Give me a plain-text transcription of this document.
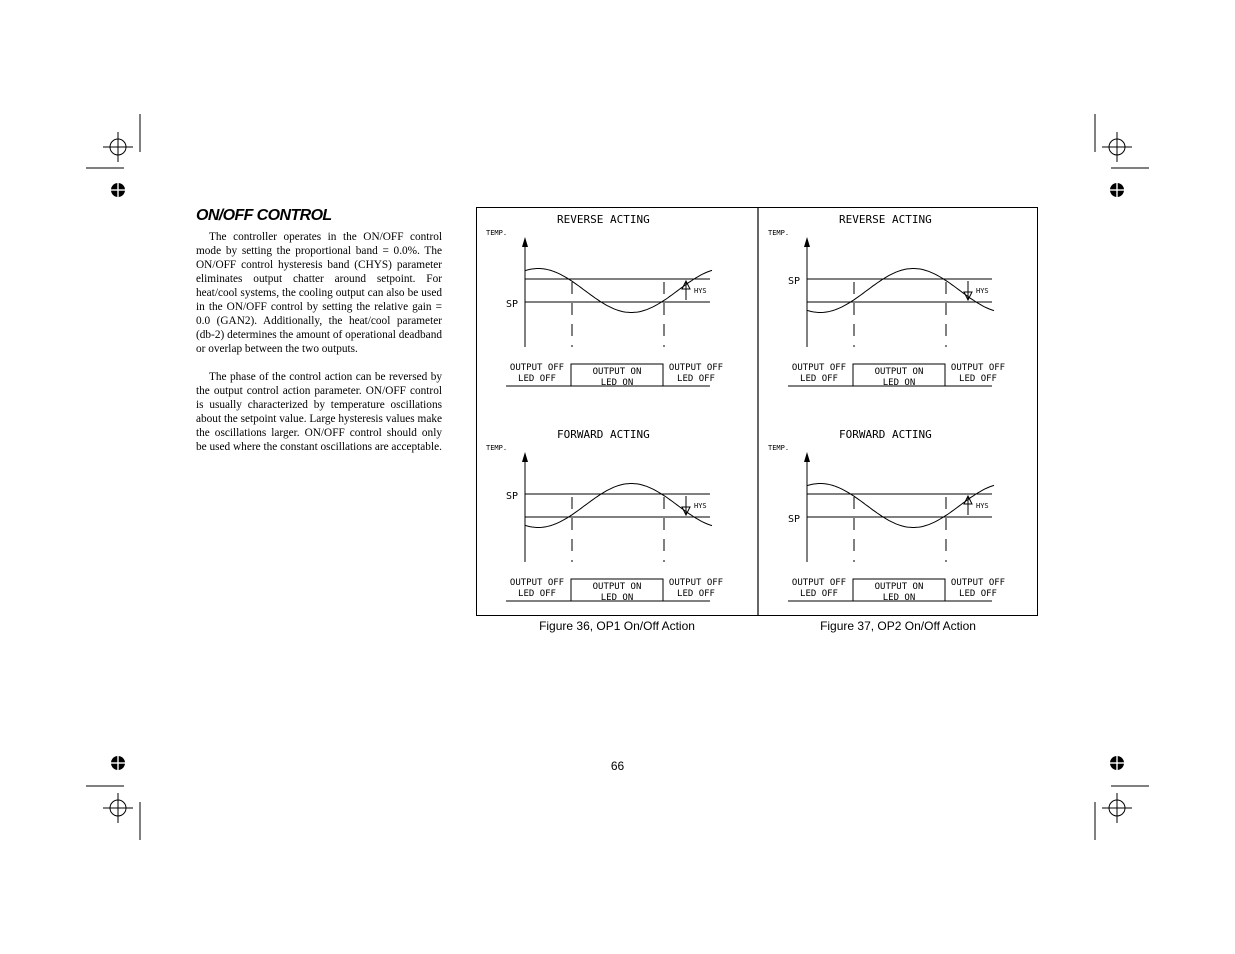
ON/OFF CONTROL

The controller operates in the ON/OFF control mode by setting the proportional band = 0.0%. The ON/OFF control hysteresis band (CHYS) parameter eliminates output chatter around setpoint. For heat/cool systems, the cooling output can also be used in the ON/OFF control by setting the relative gain = 0.0 (GAN2). Additionally, the heat/cool parameter (db-2) determines the amount of operational deadband or overlap between the two outputs.

The phase of the control action can be reversed by the output control action parameter. ON/OFF control is usually characterized by temperature oscillations about the setpoint value. Large hysteresis values make the oscillations larger. ON/OFF control should only be used where the constant oscillations are acceptable.

REVERSE ACTING
TEMP.
SP
HYS
OUTPUT OFF
LED OFF
OUTPUT ON
LED ON
OUTPUT OFF
LED OFF
FORWARD ACTING
TEMP.
SP
HYS
OUTPUT OFF
LED OFF
OUTPUT ON
LED ON
OUTPUT OFF
LED OFF
REVERSE ACTING
TEMP.
SP
HYS
OUTPUT OFF
LED OFF
OUTPUT ON
LED ON
OUTPUT OFF
LED OFF
FORWARD ACTING
TEMP.
SP
HYS
OUTPUT OFF
LED OFF
OUTPUT ON
LED ON
OUTPUT OFF
LED OFF
Figure 36, OP1 On/Off Action	Figure 37, OP2 On/Off Action
66
